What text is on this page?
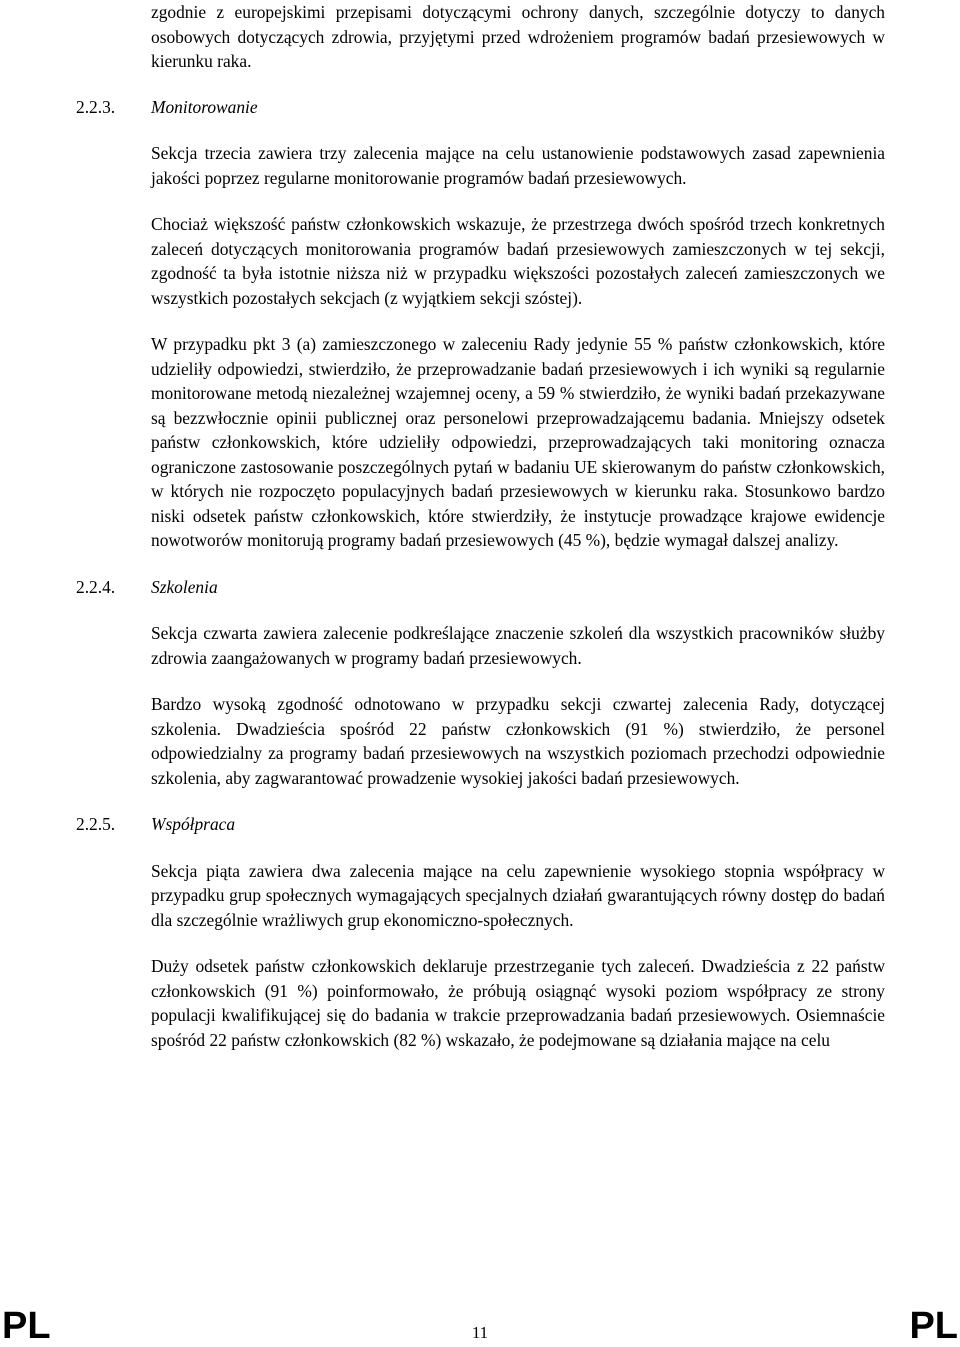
zgodnie z europejskimi przepisami dotyczącymi ochrony danych, szczególnie dotyczy to danych osobowych dotyczących zdrowia, przyjętymi przed wdrożeniem programów badań przesiewowych w kierunku raka.

2.2.3. Monitorowanie

Sekcja trzecia zawiera trzy zalecenia mające na celu ustanowienie podstawowych zasad zapewnienia jakości poprzez regularne monitorowanie programów badań przesiewowych.

Chociaż większość państw członkowskich wskazuje, że przestrzega dwóch spośród trzech konkretnych zaleceń dotyczących monitorowania programów badań przesiewowych zamieszczonych w tej sekcji, zgodność ta była istotnie niższa niż w przypadku większości pozostałych zaleceń zamieszczonych we wszystkich pozostałych sekcjach (z wyjątkiem sekcji szóstej).

W przypadku pkt 3 (a) zamieszczonego w zaleceniu Rady jedynie 55 % państw członkowskich, które udzieliły odpowiedzi, stwierdziło, że przeprowadzanie badań przesiewowych i ich wyniki są regularnie monitorowane metodą niezależnej wzajemnej oceny, a 59 % stwierdziło, że wyniki badań przekazywane są bezzwłocznie opinii publicznej oraz personelowi przeprowadzającemu badania. Mniejszy odsetek państw członkowskich, które udzieliły odpowiedzi, przeprowadzających taki monitoring oznacza ograniczone zastosowanie poszczególnych pytań w badaniu UE skierowanym do państw członkowskich, w których nie rozpoczęto populacyjnych badań przesiewowych w kierunku raka. Stosunkowo bardzo niski odsetek państw członkowskich, które stwierdziły, że instytucje prowadzące krajowe ewidencje nowotworów monitorują programy badań przesiewowych (45 %), będzie wymagał dalszej analizy.

2.2.4. Szkolenia

Sekcja czwarta zawiera zalecenie podkreślające znaczenie szkoleń dla wszystkich pracowników służby zdrowia zaangażowanych w programy badań przesiewowych.

Bardzo wysoką zgodność odnotowano w przypadku sekcji czwartej zalecenia Rady, dotyczącej szkolenia. Dwadzieścia spośród 22 państw członkowskich (91 %) stwierdziło, że personel odpowiedzialny za programy badań przesiewowych na wszystkich poziomach przechodzi odpowiednie szkolenia, aby zagwarantować prowadzenie wysokiej jakości badań przesiewowych.

2.2.5. Współpraca

Sekcja piąta zawiera dwa zalecenia mające na celu zapewnienie wysokiego stopnia współpracy w przypadku grup społecznych wymagających specjalnych działań gwarantujących równy dostęp do badań dla szczególnie wrażliwych grup ekonomiczno-społecznych.

Duży odsetek państw członkowskich deklaruje przestrzeganie tych zaleceń. Dwadzieścia z 22 państw członkowskich (91 %) poinformowało, że próbują osiągnąć wysoki poziom współpracy ze strony populacji kwalifikującej się do badania w trakcie przeprowadzania badań przesiewowych. Osiemnaście spośród 22 państw członkowskich (82 %) wskazało, że podejmowane są działania mające na celu

PL	11	PL
